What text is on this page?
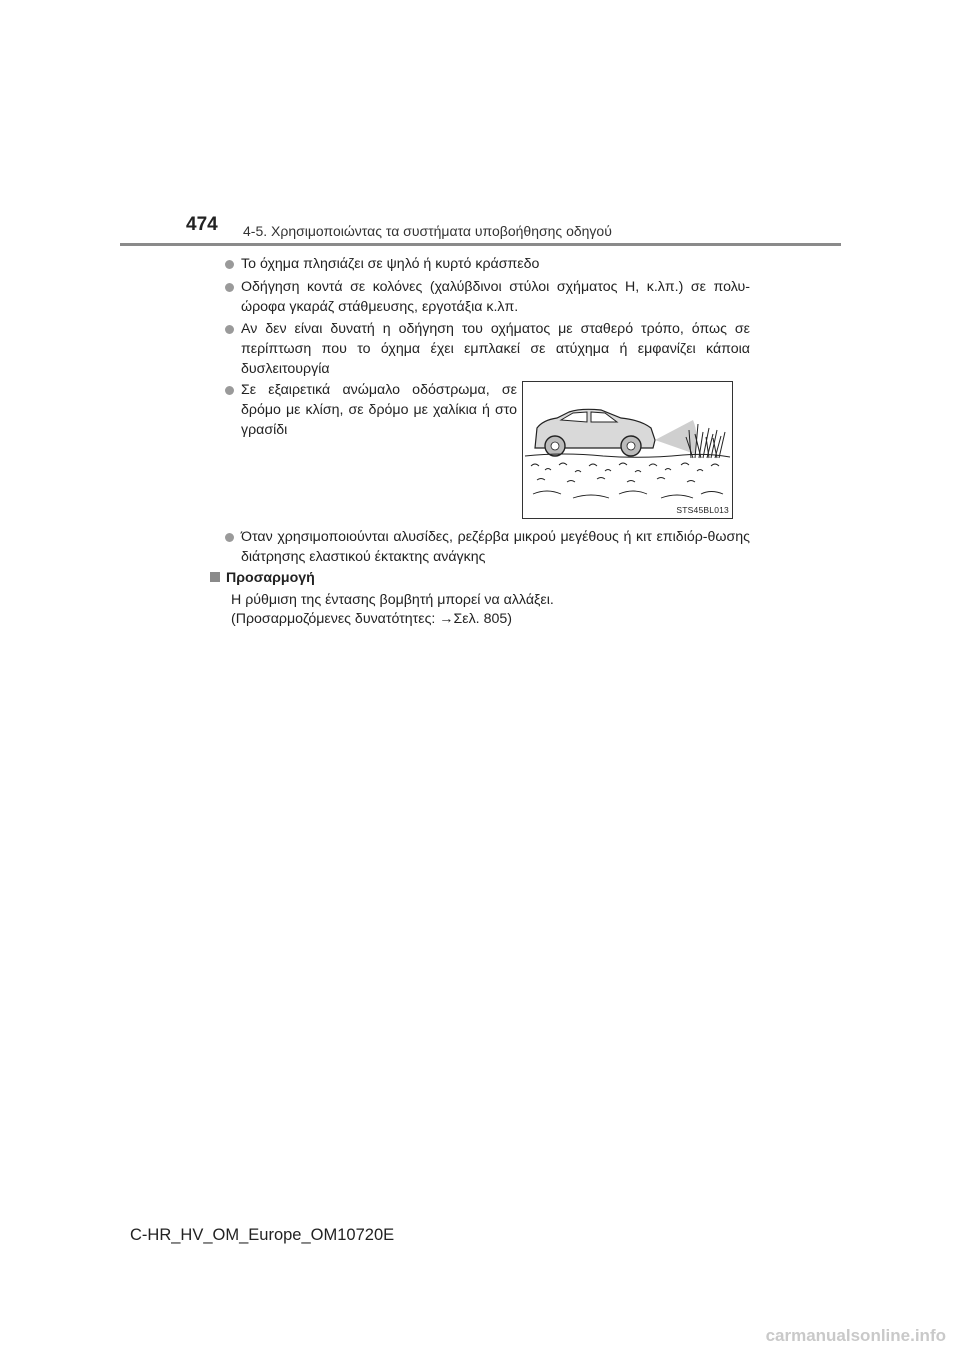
474 4-5. Χρησιμοποιώντας τα συστήματα υποβοήθησης οδηγού
Το όχημα πλησιάζει σε ψηλό ή κυρτό κράσπεδο
Οδήγηση κοντά σε κολόνες (χαλύβδινοι στύλοι σχήματος H, κ.λπ.) σε πολυ-ώροφα γκαράζ στάθμευσης, εργοτάξια κ.λπ.
Αν δεν είναι δυνατή η οδήγηση του οχήματος με σταθερό τρόπο, όπως σε περίπτωση που το όχημα έχει εμπλακεί σε ατύχημα ή εμφανίζει κάποια δυσλειτουργία
Σε εξαιρετικά ανώμαλο οδόστρωμα, σε δρόμο με κλίση, σε δρόμο με χαλίκια ή στο γρασίδι
STS45BL013
Όταν χρησιμοποιούνται αλυσίδες, ρεζέρβα μικρού μεγέθους ή κιτ επιδιόρ-θωσης διάτρησης ελαστικού έκτακτης ανάγκης
Προσαρμογή
Η ρύθμιση της έντασης βομβητή μπορεί να αλλάξει.
(Προσαρμοζόμενες δυνατότητες: →Σελ. 805)
C-HR_HV_OM_Europe_OM10720E
carmanualsonline.info
